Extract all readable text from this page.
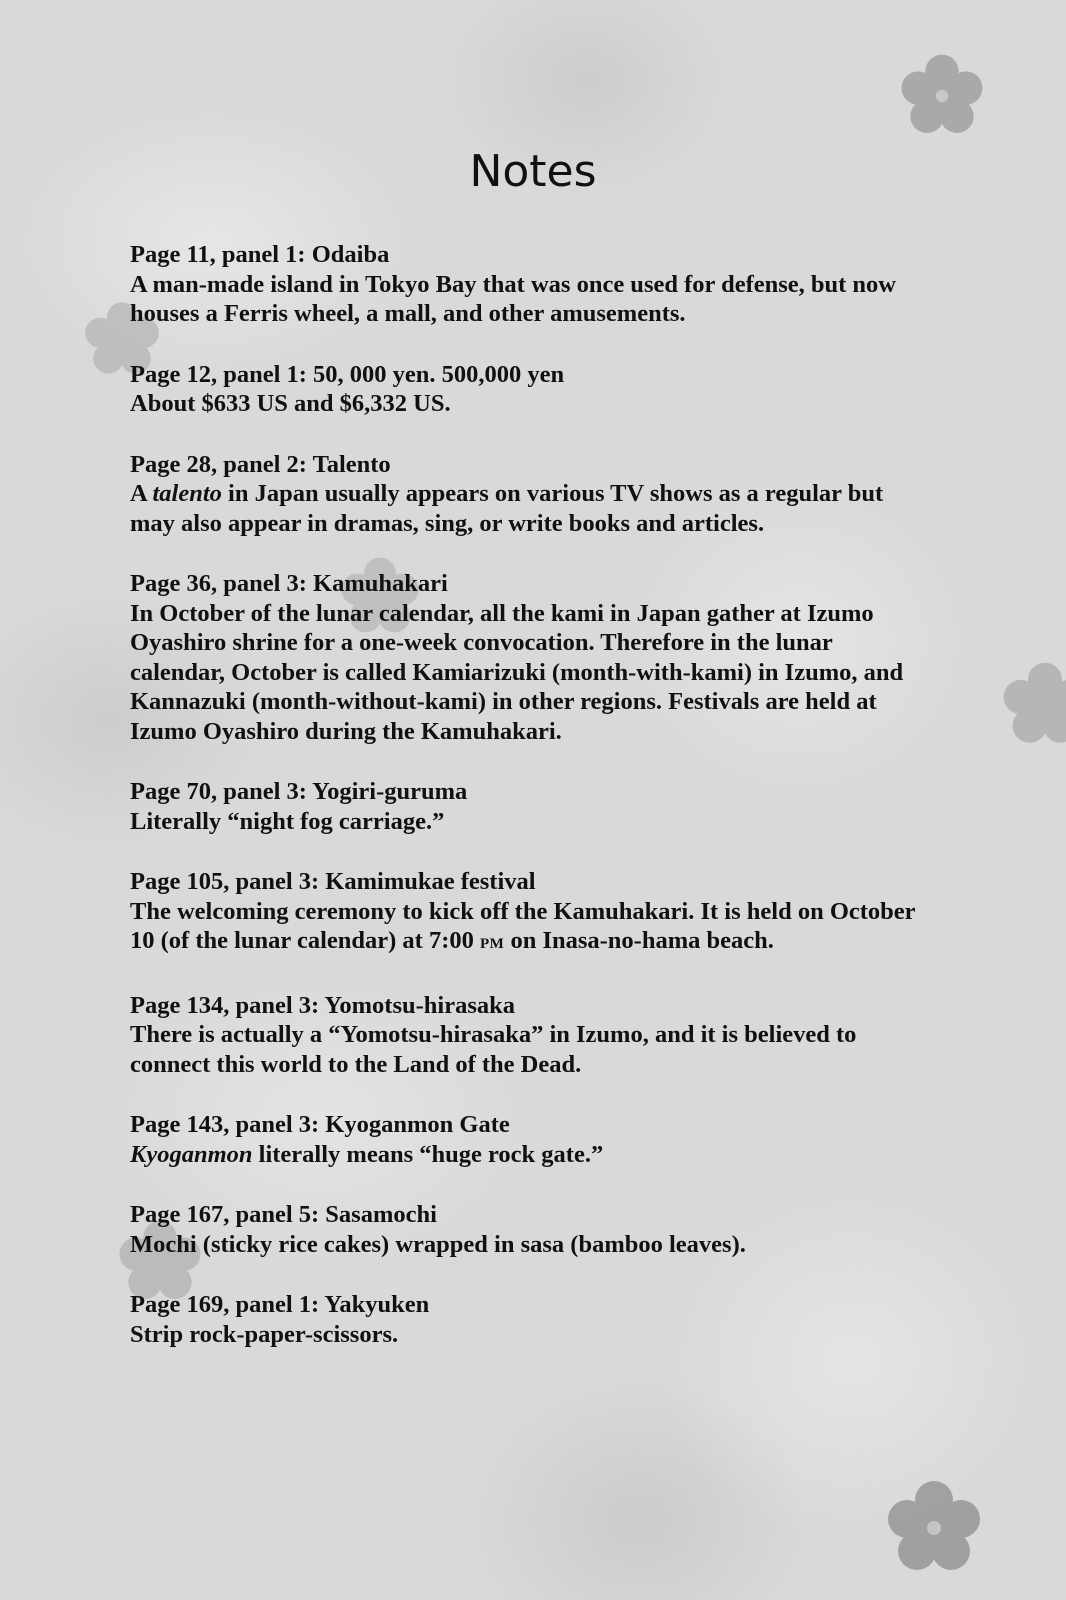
Notes
Page 11, panel 1: Odaiba
A man-made island in Tokyo Bay that was once used for defense, but now houses a Ferris wheel, a mall, and other amusements.
Page 12, panel 1: 50, 000 yen. 500,000 yen
About $633 US and $6,332 US.
Page 28, panel 2: Talento
A talento in Japan usually appears on various TV shows as a regular but may also appear in dramas, sing, or write books and articles.
Page 36, panel 3: Kamuhakari
In October of the lunar calendar, all the kami in Japan gather at Izumo Oyashiro shrine for a one-week convocation. Therefore in the lunar calendar, October is called Kamiarizuki (month-with-kami) in Izumo, and Kannazuki (month-without-kami) in other regions. Festivals are held at Izumo Oyashiro during the Kamuhakari.
Page 70, panel 3: Yogiri-guruma
Literally “night fog carriage.”
Page 105, panel 3: Kamimukae festival
The welcoming ceremony to kick off the Kamuhakari. It is held on October 10 (of the lunar calendar) at 7:00 PM on Inasa-no-hama beach.
Page 134, panel 3: Yomotsu-hirasaka
There is actually a “Yomotsu-hirasaka” in Izumo, and it is believed to connect this world to the Land of the Dead.
Page 143, panel 3: Kyoganmon Gate
Kyoganmon literally means “huge rock gate.”
Page 167, panel 5: Sasamochi
Mochi (sticky rice cakes) wrapped in sasa (bamboo leaves).
Page 169, panel 1: Yakyuken
Strip rock-paper-scissors.
